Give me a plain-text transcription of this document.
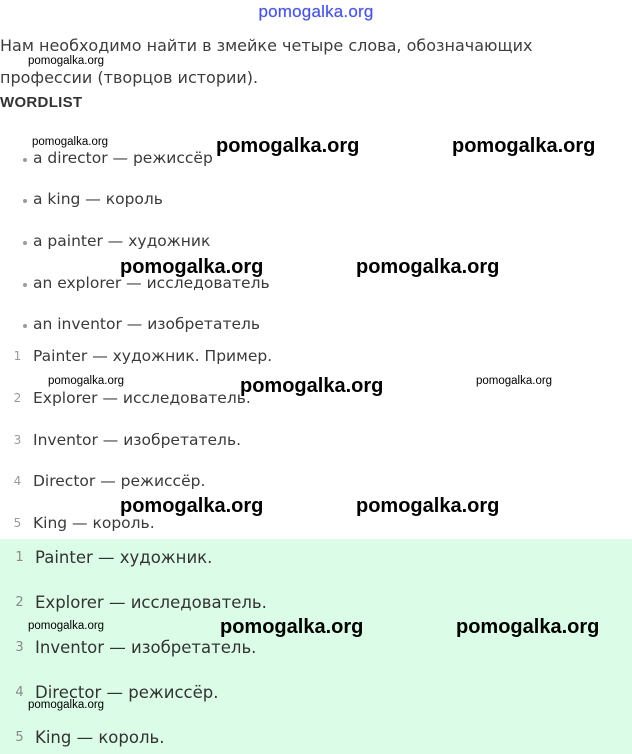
pomogalka.org
Нам необходимо найти в змейке четыре слова, обозначающих профессии (творцов истории).
WORDLIST
a director — режиссёр
a king — король
a painter — художник
an explorer — исследователь
an inventor — изобретатель
1 Painter — художник. Пример.
2 Explorer — исследователь.
3 Inventor — изобретатель.
4 Director — режиссёр.
5 King — король.
1 Painter — художник.
2 Explorer — исследователь.
3 Inventor — изобретатель.
4 Director — режиссёр.
5 King — король.
pomogalka.org
pomogalka.org	pomogalka.org	pomogalka.org
pomogalka.org	pomogalka.org
pomogalka.org	pomogalka.org	pomogalka.org
pomogalka.org	pomogalka.org
pomogalka.org	pomogalka.org	pomogalka.org
pomogalka.org
